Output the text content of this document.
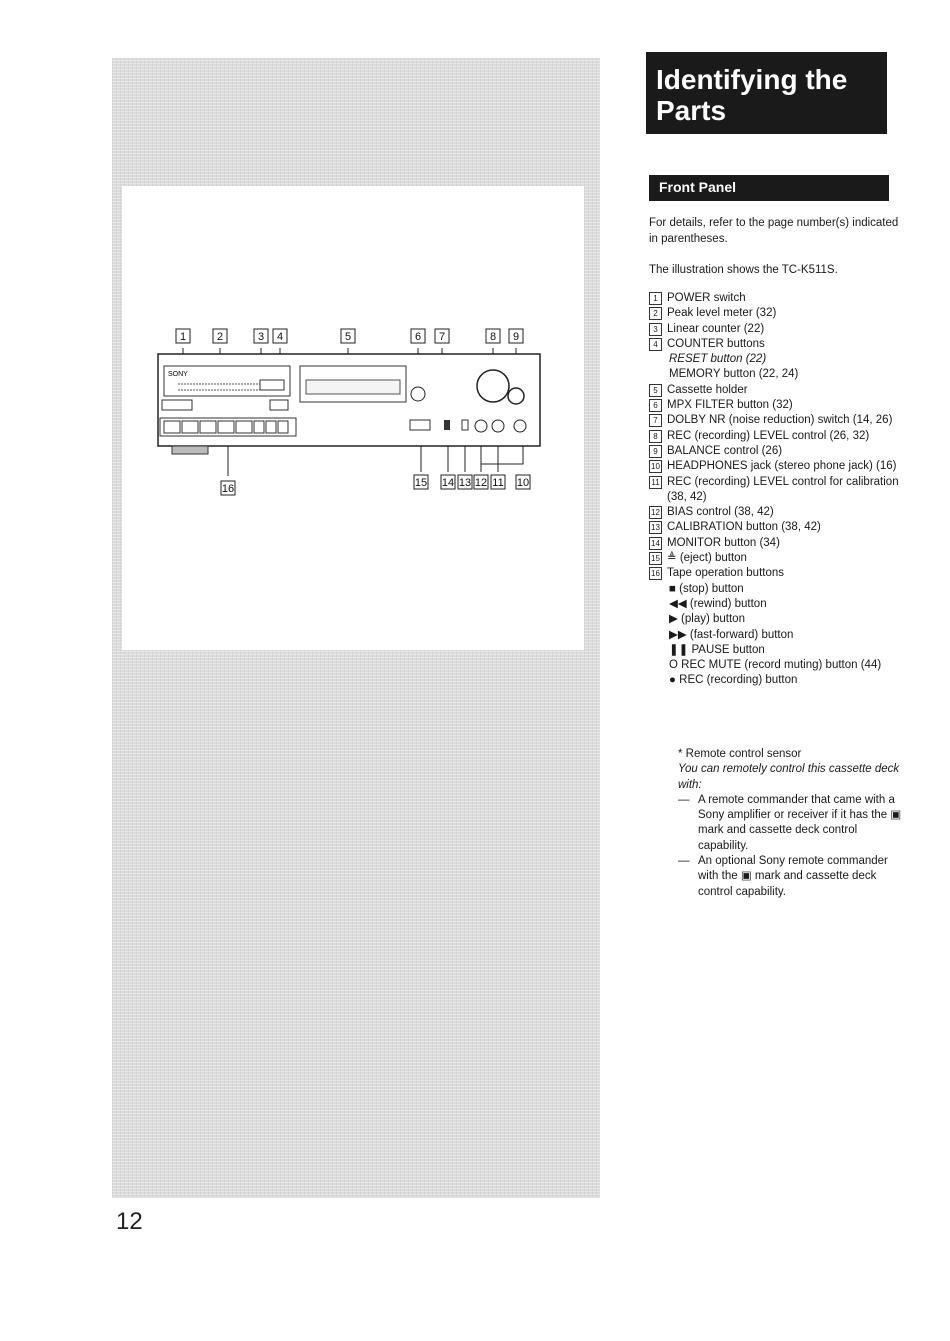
1	2	3 4	5	6 7	8 9
10
11
12
13
14
15
16
SONY
12
Identifying the
Parts
Front Panel
For details, refer to the page number(s) indicated in parentheses.
The illustration shows the TC-K511S.
1 POWER switch
2 Peak level meter (32)
3 Linear counter (22)
4 COUNTER buttons
RESET button (22)
MEMORY button (22, 24)
5 Cassette holder
6 MPX FILTER button (32)
7 DOLBY NR (noise reduction) switch (14, 26)
8 REC (recording) LEVEL control (26, 32)
9 BALANCE control (26)
10 HEADPHONES jack (stereo phone jack) (16)
11 REC (recording) LEVEL control for calibration (38, 42)
12 BIAS control (38, 42)
13 CALIBRATION button (38, 42)
14 MONITOR button (34)
15 ≜ (eject) button
16 Tape operation buttons
■ (stop) button
◀◀ (rewind) button
▶ (play) button
▶▶ (fast-forward) button
❚❚ PAUSE button
O REC MUTE (record muting) button (44)
● REC (recording) button
* Remote control sensor
You can remotely control this cassette deck with:
— A remote commander that came with a Sony amplifier or receiver if it has the ▣ mark and cassette deck control capability.
— An optional Sony remote commander with the ▣ mark and cassette deck control capability.
